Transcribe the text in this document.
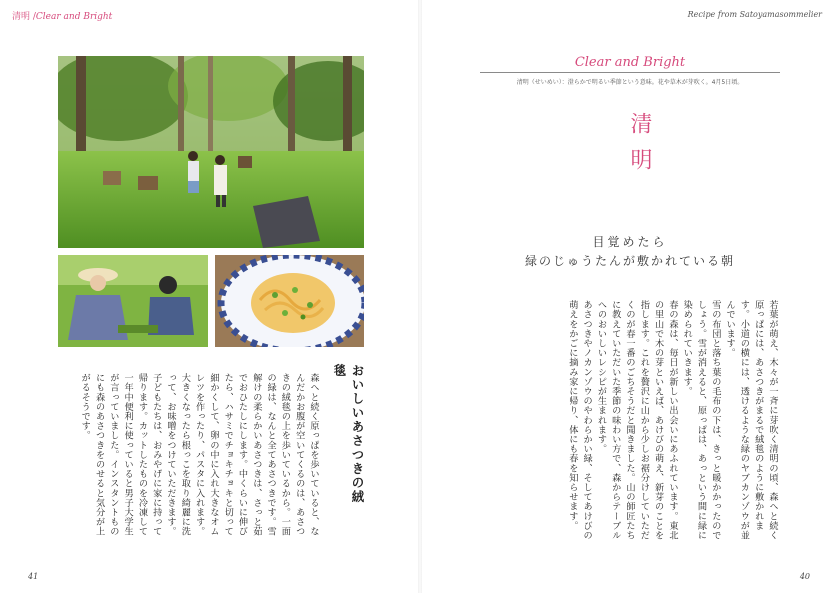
清明 /Clear and Bright	Recipe from Satoyamasommelier
Clear and Bright
清明（せいめい）：澄らかで明るい季節という意味。花や草木が芽吹く。4月5日頃。
清明
目覚めたら
緑のじゅうたんが敷かれている朝

若葉が萌え、木々が一斉に芽吹く清明の頃、森へと続く原っぱには、あさつきがまるで絨毯のように敷かれます。小道の横には、透けるような緑のヤブカンゾウが並んでいます。

雪の布団と落ち葉の毛布の下は、きっと暖かかったのでしょう。雪が消えると、原っぱは、あっという間に緑に染められていきます。

春の森は、毎日が新しい出会いにあふれています。東北の里山で木の芽といえば、あけびの萌え、新芽のことを指します。これを贅沢に山から少しお裾分けしていただくのが春一番のごちそうだと聞きました。山の師匠たちに教えていただいた季節の味わい方で、森からテーブルへのおいしいレシピが生まれます。

あさつきやノカンゾウのやわらかい緑、そしてあけびの萌えをかごに摘み家に帰り、体にも春を知らせます。

おいしいあさつきの絨毯

森へと続く原っぱを歩いていると、なんだかお腹が空いてくるのは、あさつきの絨毯の上を歩いているから。一面の緑は、なんと全てあさつきです。雪解けの柔らかいあさつきは、さっと茹でおひたしにします。中くらいに伸びたら、ハサミでチョキチョキと切って細かくして、卵の中に入れ大きなオムレツを作ったり、パスタに入れます。大きくなったら根っこを取り綺麗に洗って、お味噌をつけていただきます。

子どもたちは、おみやげに家に持って帰ります。カットしたものを冷凍して一年中便利に使っていると男子大学生が言っていました。インスタントものにも森のあさつきをのせると気分が上がるそうです。

41	40
